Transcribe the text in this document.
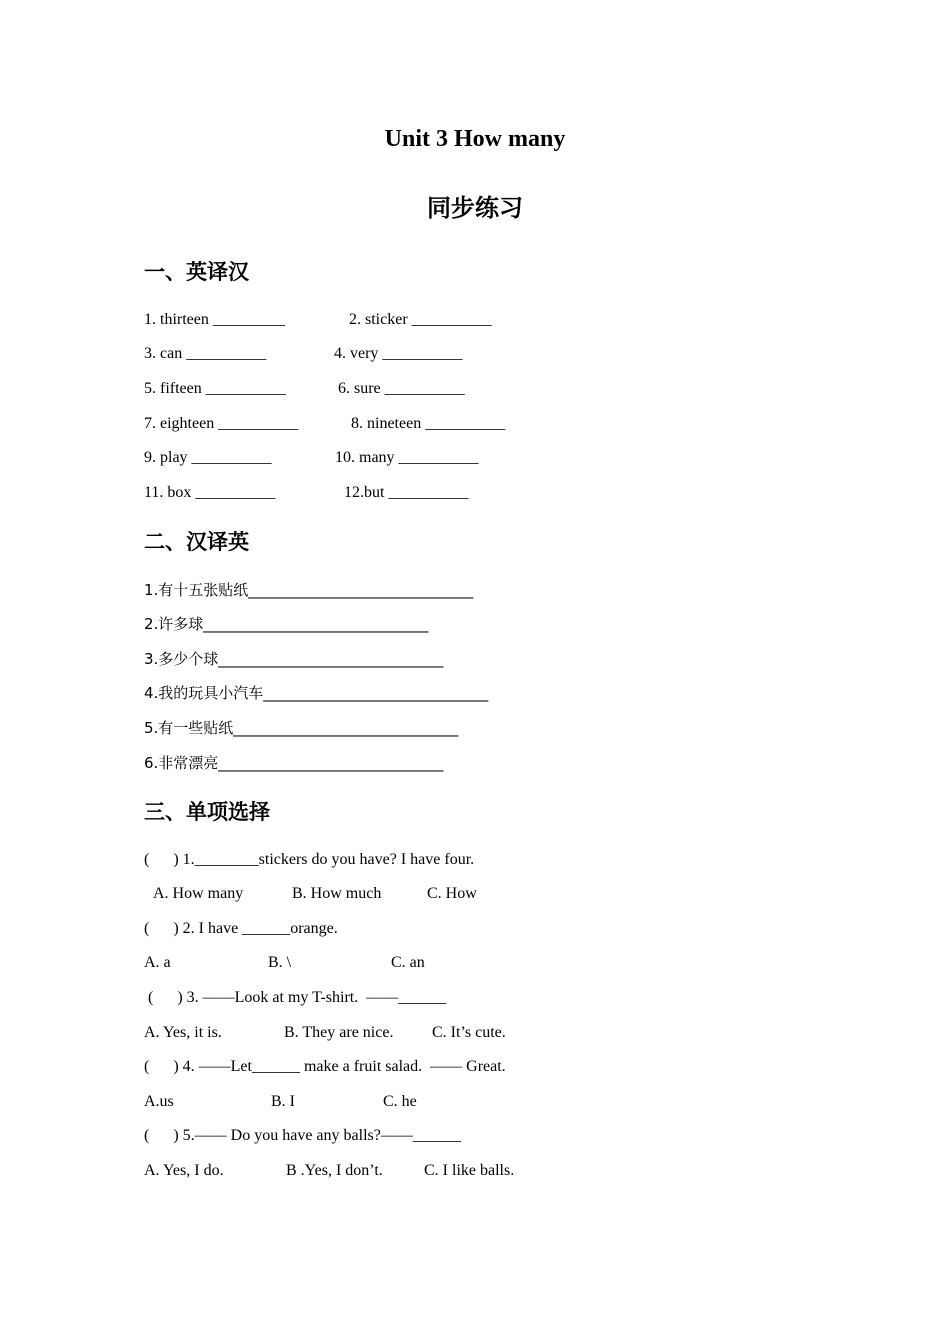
Unit 3 How many
同步练习
一、英译汉
1. thirteen _________	2. sticker __________
3. can __________	4. very __________
5. fifteen __________	6. sure __________
7. eighteen __________	8. nineteen __________
9. play __________	10. many __________
11. box __________	12.but __________
二、汉译英
1.有十五张贴纸______________________________
2.许多球______________________________
3.多少个球______________________________
4.我的玩具小汽车______________________________
5.有一些贴纸______________________________
6.非常漂亮______________________________
三、单项选择
(      ) 1.________stickers do you have? I have four.
A. How many	B. How much	C. How
(      ) 2. I have ______orange.
A. a	B. \	C. an
(      ) 3. ——Look at my T-shirt.  ——______
A. Yes, it is.	B. They are nice. C. It’s cute.
(      ) 4. ——Let______ make a fruit salad.  —— Great.
A.us	B. I	C. he
(      ) 5.—— Do you have any balls?——______
A. Yes, I do.	B .Yes, I don’t.	C. I like balls.
